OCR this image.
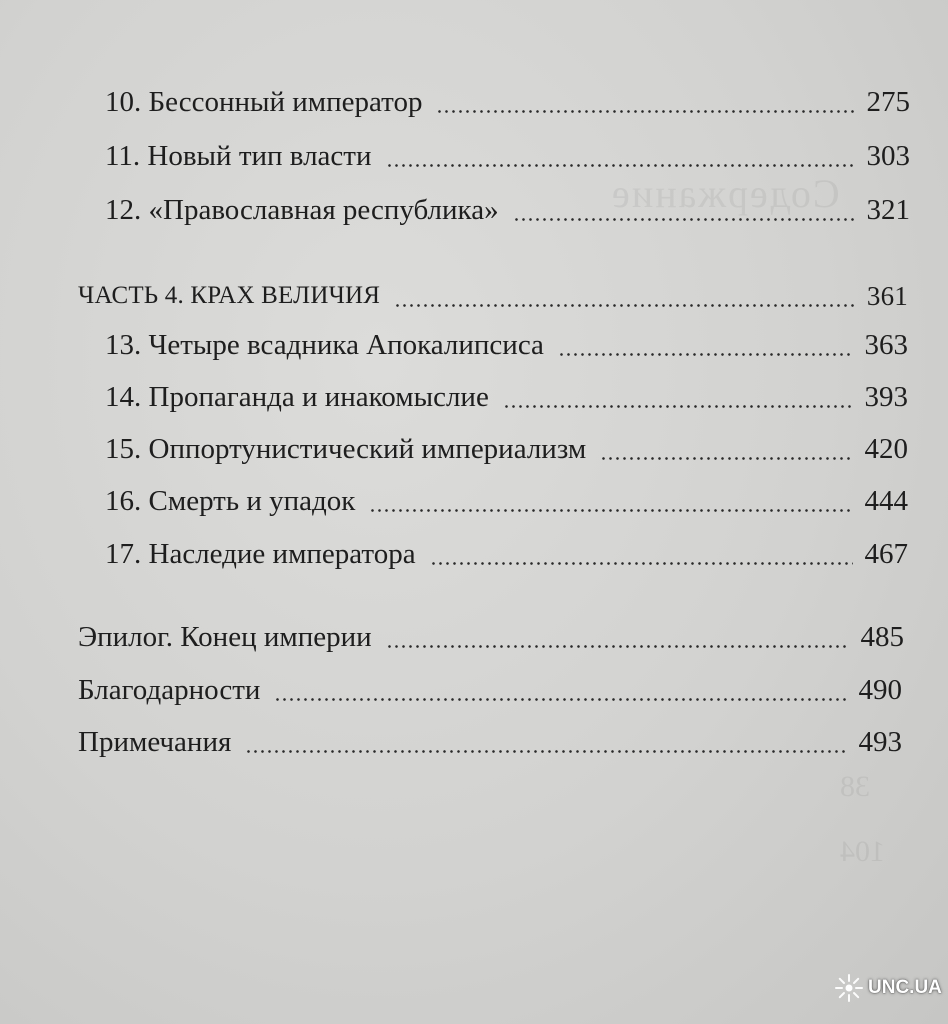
Содержание
38
104
10. Бессонный император	275
11. Новый тип власти	303
12. «Православная республика»	321
ЧАСТЬ 4. КРАХ ВЕЛИЧИЯ	361
13. Четыре всадника Апокалипсиса	363
14. Пропаганда и инакомыслие	393
15. Оппортунистический империализм	420
16. Смерть и упадок	444
17. Наследие императора	467
Эпилог. Конец империи	485
Благодарности	490
Примечания	493
UNC.UA
